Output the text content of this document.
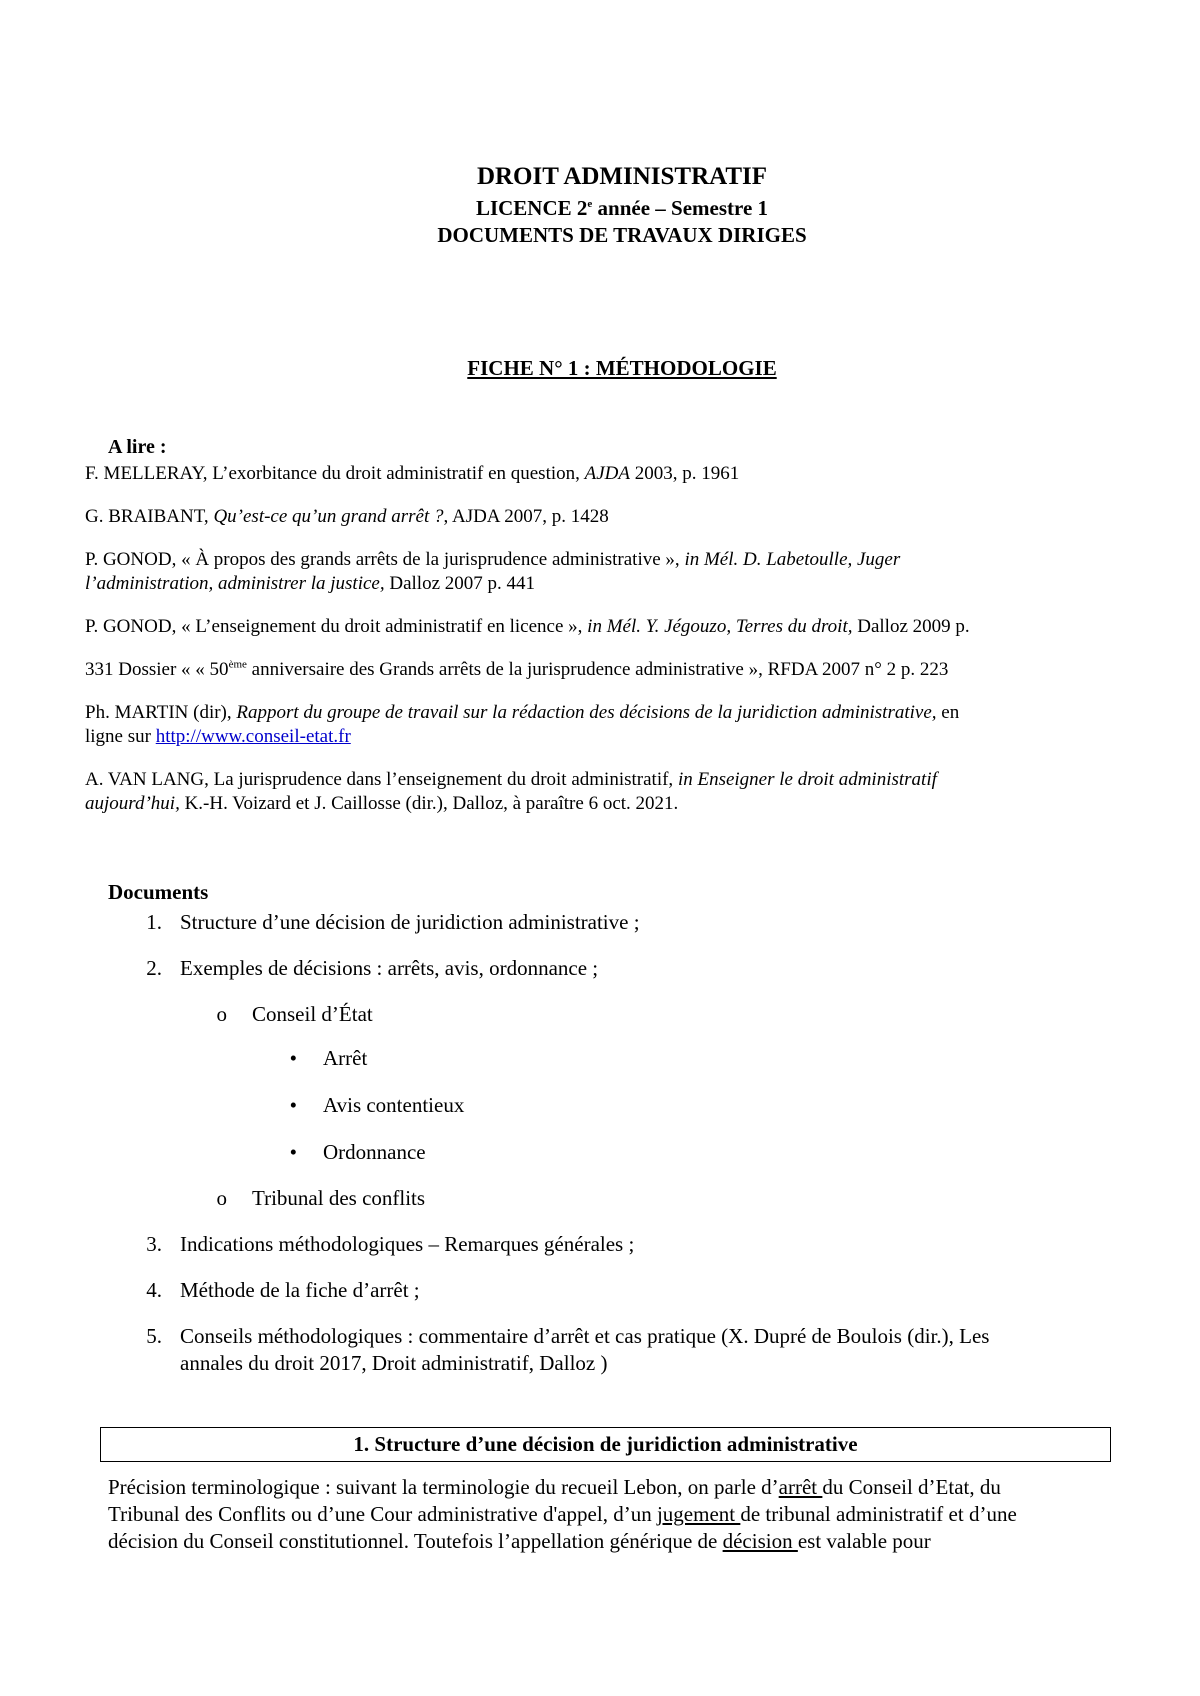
DROIT ADMINISTRATIF
LICENCE 2e année – Semestre 1
DOCUMENTS DE TRAVAUX DIRIGES
FICHE N° 1 : MÉTHODOLOGIE
A lire :
F. MELLERAY, L’exorbitance du droit administratif en question, AJDA 2003, p. 1961
G. BRAIBANT, Qu’est-ce qu’un grand arrêt ?, AJDA 2007, p. 1428
P. GONOD, « À propos des grands arrêts de la jurisprudence administrative », in Mél. D. Labetoulle, Juger
l’administration, administrer la justice, Dalloz 2007 p. 441
P. GONOD, « L’enseignement du droit administratif en licence », in Mél. Y. Jégouzo, Terres du droit, Dalloz 2009 p.
331 Dossier « « 50ème anniversaire des Grands arrêts de la jurisprudence administrative », RFDA 2007 n° 2 p. 223
Ph. MARTIN (dir), Rapport du groupe de travail sur la rédaction des décisions de la juridiction administrative, en
ligne sur http://www.conseil-etat.fr
A. VAN LANG, La jurisprudence dans l’enseignement du droit administratif, in Enseigner le droit administratif
aujourd’hui, K.-H. Voizard et J. Caillosse (dir.), Dalloz, à paraître 6 oct. 2021.
Documents
1. Structure d’une décision de juridiction administrative ;
2. Exemples de décisions : arrêts, avis, ordonnance ;
o Conseil d’État
• Arrêt
• Avis contentieux
• Ordonnance
o Tribunal des conflits
3. Indications méthodologiques – Remarques générales ;
4. Méthode de la fiche d’arrêt ;
5. Conseils méthodologiques : commentaire d’arrêt et cas pratique (X. Dupré de Boulois (dir.), Les
annales du droit 2017, Droit administratif, Dalloz )
1. Structure d’une décision de juridiction administrative
Précision terminologique : suivant la terminologie du recueil Lebon, on parle d’arrêt du Conseil d’Etat, du
Tribunal des Conflits ou d’une Cour administrative d'appel, d’un jugement de tribunal administratif et d’une
décision du Conseil constitutionnel. Toutefois l’appellation générique de décision est valable pour
